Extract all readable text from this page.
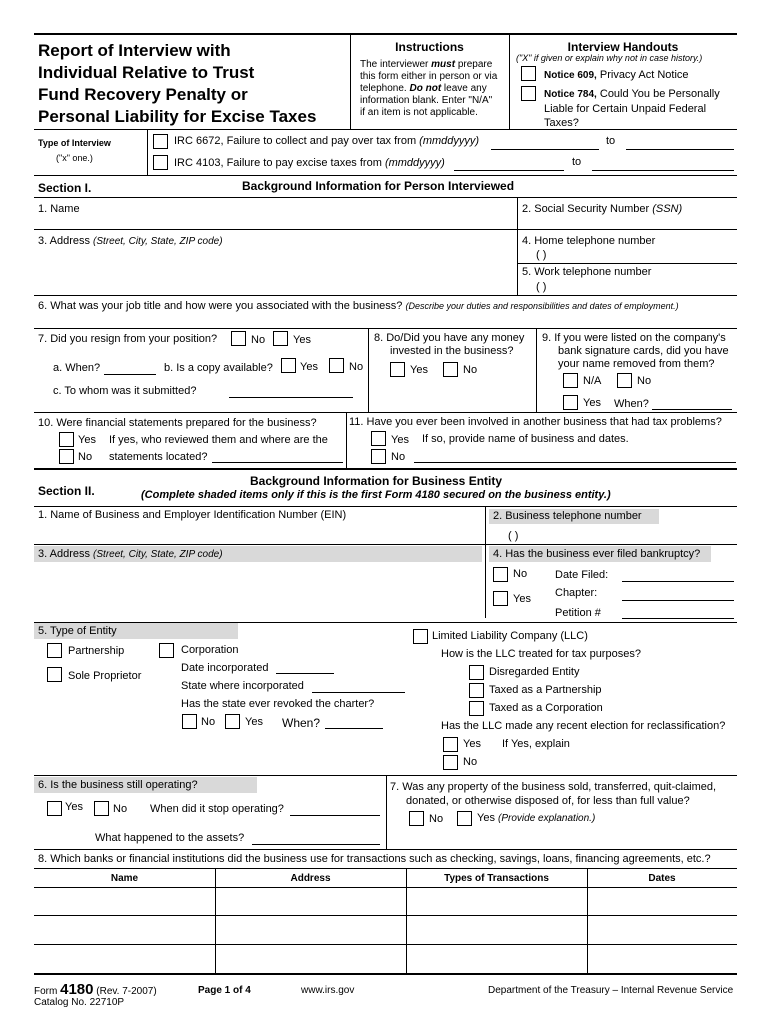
Report of Interview with
Individual Relative to Trust
Fund Recovery Penalty or
Personal Liability for Excise Taxes
Instructions
The interviewer must prepare
this form either in person or via
telephone. Do not leave any
information blank. Enter "N/A"
if an item is not applicable.
Interview Handouts
("X" if given or explain why not in case history.)
Notice 609, Privacy Act Notice
Notice 784, Could You be Personally
Liable for Certain Unpaid Federal
Taxes?
Type of Interview
("x" one.)
IRC 6672, Failure to collect and pay over tax from (mmddyyyy)	to
IRC 4103, Failure to pay excise taxes from (mmddyyyy)	to
Section I.	Background Information for Person Interviewed
1. Name	2. Social Security Number (SSN)
3. Address (Street, City, State, ZIP code)	4. Home telephone number
( )
5. Work telephone number
( )
6. What was your job title and how were you associated with the business? (Describe your duties and responsibilities and dates of employment.)
7. Did you resign from your position?	No	Yes
a. When?	b. Is a copy available? Yes	No
c. To whom was it submitted?
8. Do/Did you have any money
invested in the business?
Yes	No
9. If you were listed on the company's
bank signature cards, did you have
your name removed from them?
N/A	No
Yes When?
10. Were financial statements prepared for the business?
Yes If yes, who reviewed them and where are the
No statements located?
11. Have you ever been involved in another business that had tax problems?
Yes If so, provide name of business and dates.
No
Section II.
Background Information for Business Entity
(Complete shaded items only if this is the first Form 4180 secured on the business entity.)
1. Name of Business and Employer Identification Number (EIN)	2. Business telephone number
( )
3. Address (Street, City, State, ZIP code)	4. Has the business ever filed bankruptcy?
No	Date Filed:
Yes Chapter:
Petition #
5. Type of Entity
Partnership
Sole Proprietor
Corporation
Date incorporated
State where incorporated
Has the state ever revoked the charter?
No	Yes When?
Limited Liability Company (LLC)
How is the LLC treated for tax purposes?
Disregarded Entity
Taxed as a Partnership
Taxed as a Corporation
Has the LLC made any recent election for reclassification?
Yes If Yes, explain
No
6. Is the business still operating?
Yes	No When did it stop operating?
What happened to the assets?
7. Was any property of the business sold, transferred, quit-claimed,
donated, or otherwise disposed of, for less than full value?
No	Yes (Provide explanation.)
8. Which banks or financial institutions did the business use for transactions such as checking, savings, loans, financing agreements, etc.?
Name	Address	Types of Transactions	Dates
Form 4180 (Rev. 7-2007)
Catalog No. 22710P
Page 1 of 4	www.irs.gov	Department of the Treasury – Internal Revenue Service
